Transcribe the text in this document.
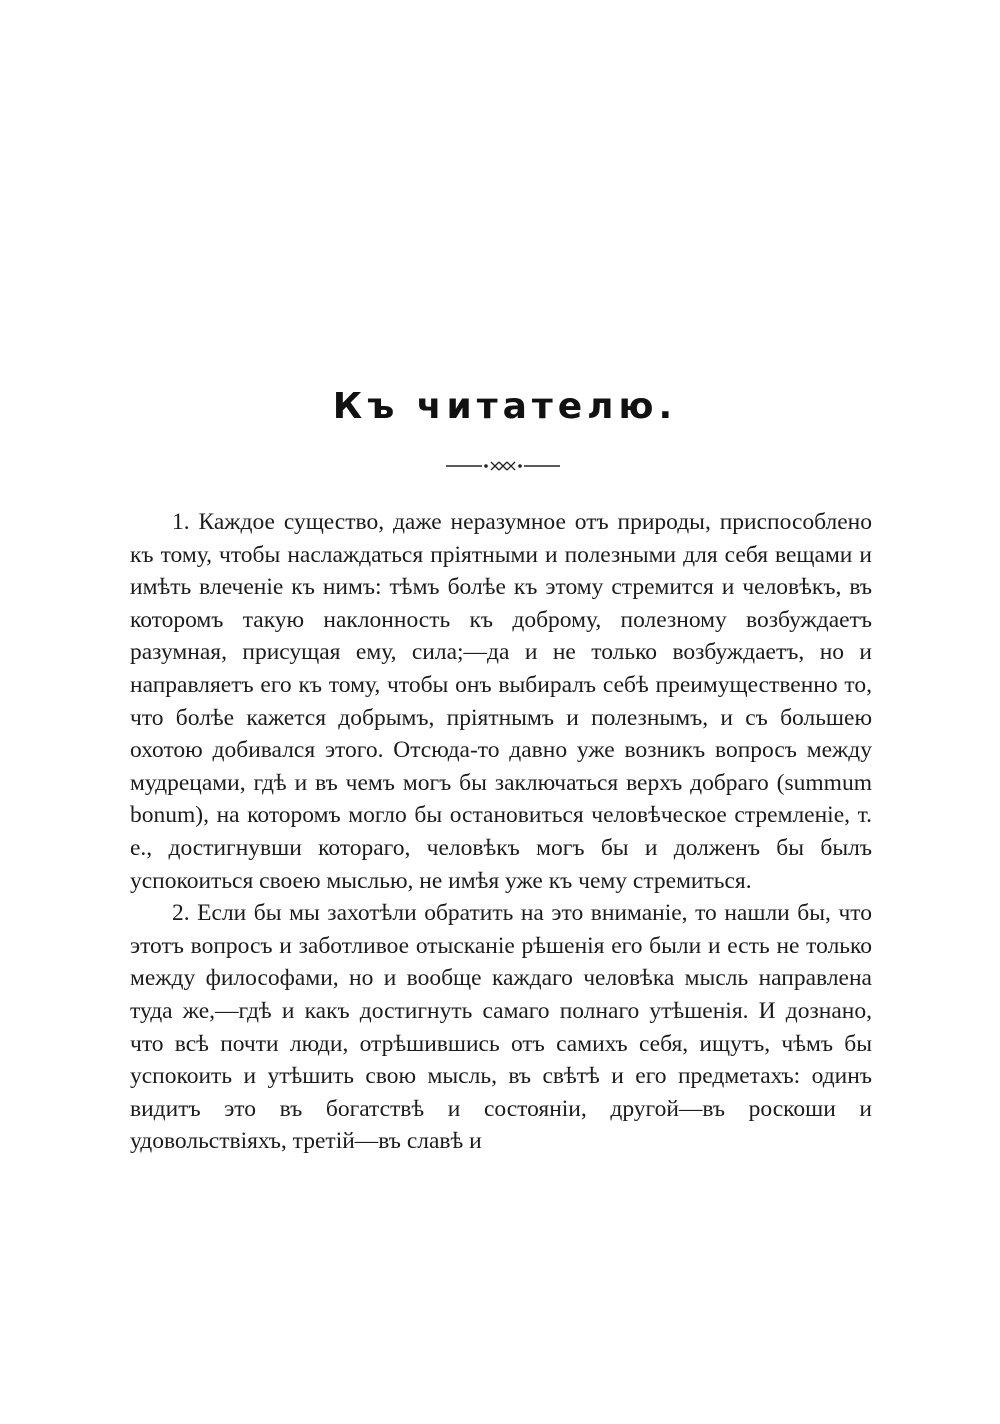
Къ читателю.

1. Каждое существо, даже неразумное отъ природы, приспособлено къ тому, чтобы наслаждаться пріятными и полезными для себя вещами и имѣть влеченіе къ нимъ: тѣмъ болѣе къ этому стремится и человѣкъ, въ которомъ такую наклонность къ доброму, полезному возбуждаетъ разумная, присущая ему, сила;—да и не только возбуждаетъ, но и направляетъ его къ тому, чтобы онъ выбиралъ себѣ преимущественно то, что болѣе кажется добрымъ, пріятнымъ и полезнымъ, и съ большею охотою добивался этого. Отсюда-то давно уже возникъ вопросъ между мудрецами, гдѣ и въ чемъ могъ бы заключаться верхъ добраго (summum bonum), на которомъ могло бы остановиться человѣческое стремленіе, т. е., достигнувши котораго, человѣкъ могъ бы и долженъ бы былъ успокоиться своею мыслью, не имѣя уже къ чему стремиться.

2. Если бы мы захотѣли обратить на это вниманіе, то нашли бы, что этотъ вопросъ и заботливое отысканіе рѣшенія его были и есть не только между философами, но и вообще каждаго человѣка мысль направлена туда же,—гдѣ и какъ достигнуть самаго полнаго утѣшенія. И дознано, что всѣ почти люди, отрѣшившись отъ самихъ себя, ищутъ, чѣмъ бы успокоить и утѣшить свою мысль, въ свѣтѣ и его предметахъ: одинъ видитъ это въ богатствѣ и состояніи, другой—въ роскоши и удовольствіяхъ, третій—въ славѣ и
